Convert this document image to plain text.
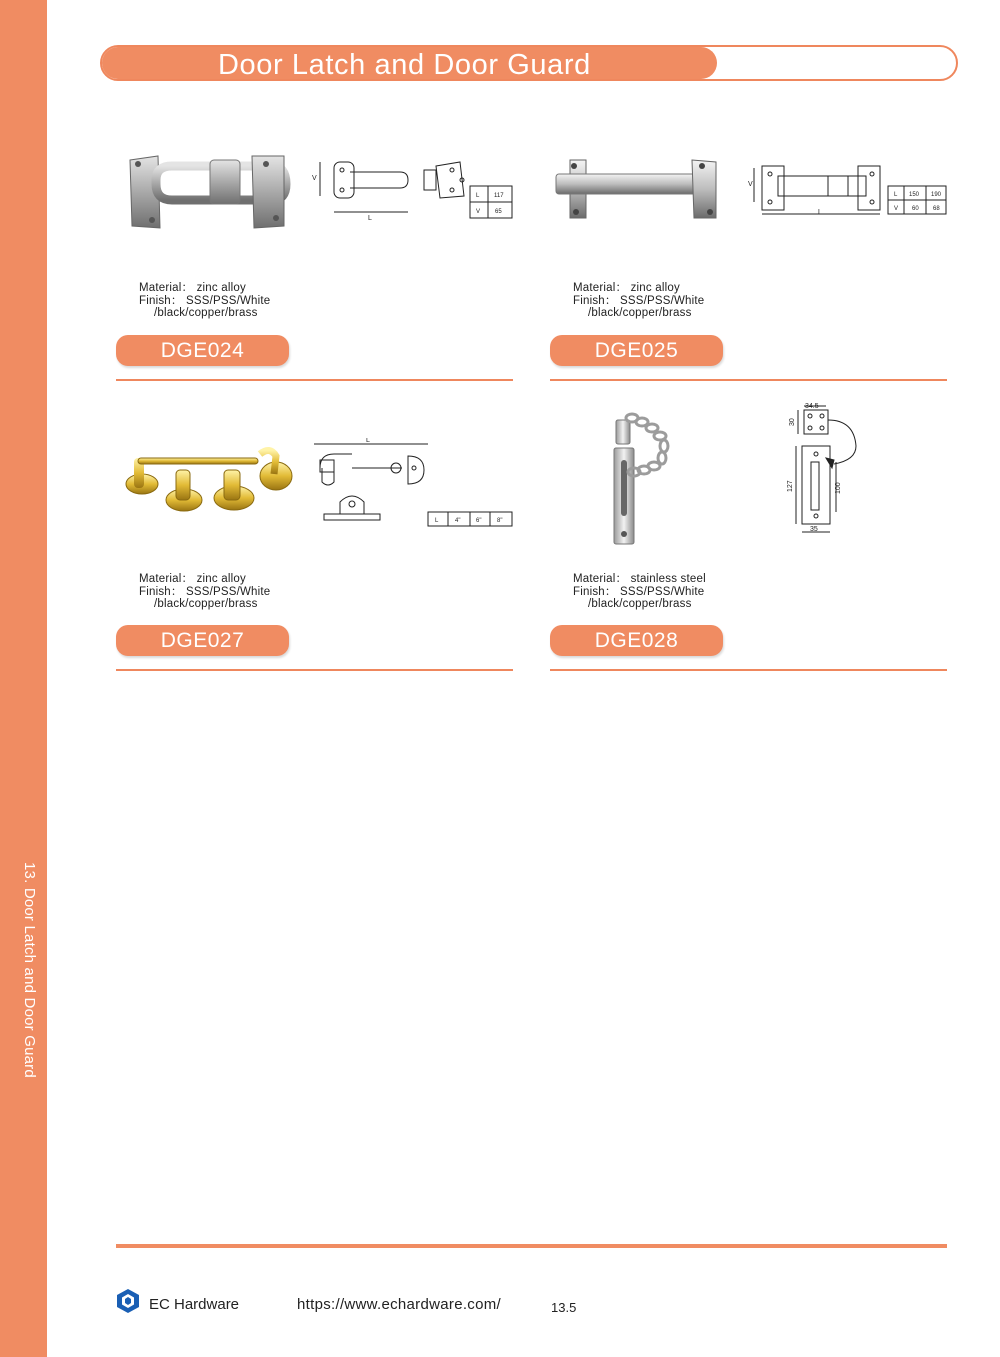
13. Door Latch and Door Guard
Door Latch and Door Guard
V
L
L 117
V 65
Material： zinc alloy
Finish： SSS/PSS/White
/black/copper/brass
DGE024
V
L
L 150 190
V 60 68
Material： zinc alloy
Finish： SSS/PSS/White
/black/copper/brass
DGE025
L
L	4"	6"	8"
Material： zinc alloy
Finish： SSS/PSS/White
/black/copper/brass
DGE027
34.5
30
127	100
35
Material： stainless steel
Finish： SSS/PSS/White
/black/copper/brass
DGE028
EC Hardware	https://www.echardware.com/	13.5
